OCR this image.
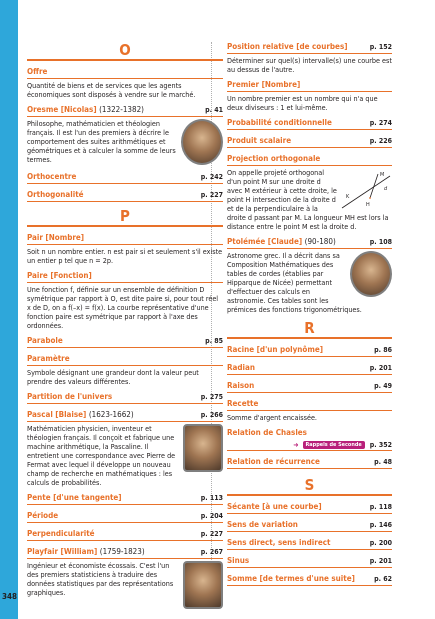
348
O
Offre
Quantité de biens et de services que les agents économiques sont disposés à vendre sur le marché.
Oresme [Nicolas] (1322-1382)	p. 41
Philosophe, mathématicien et théologien français. Il est l'un des premiers à décrire le comportement des suites arithmétiques et géométriques et à calculer la somme de leurs termes.
Orthocentre	p. 242
Orthogonalité	p. 227
P
Pair [Nombre]
Soit n un nombre entier. n est pair si et seulement s'il existe un entier p tel que n = 2p.
Paire [Fonction]
Une fonction f, définie sur un ensemble de définition D symétrique par rapport à O, est dite paire si, pour tout réel x de D, on a f(–x) = f(x). La courbe représentative d'une fonction paire est symétrique par rapport à l'axe des ordonnées.
Parabole	p. 85
Paramètre
Symbole désignant une grandeur dont la valeur peut prendre des valeurs différentes.
Partition de l'univers	p. 275
Pascal [Blaise] (1623-1662)	p. 266
Mathématicien physicien, inventeur et théologien français. Il conçoit et fabrique une machine arithmétique, la Pascaline. Il entretient une correspondance avec Pierre de Fermat avec lequel il développe un nouveau champ de recherche en mathématiques : les calculs de probabilités.
Pente [d'une tangente]	p. 113
Période	p. 204
Perpendicularité	p. 227
Playfair [William] (1759-1823)	p. 267
Ingénieur et économiste écossais. C'est l'un des premiers statisticiens à traduire des données statistiques par des représentations graphiques.
Position relative [de courbes]	p. 152
Déterminer sur quel(s) intervalle(s) une courbe est au dessus de l'autre.
Premier [Nombre]
Un nombre premier est un nombre qui n'a que deux diviseurs : 1 et lui-même.
Probabilité conditionnelle	p. 274
Produit scalaire	p. 226
Projection orthogonale
M
K
H
d
On appelle projeté orthogonal d'un point M sur une droite d avec M extérieur à cette droite, le point H intersection de la droite d et de la perpendiculaire à la droite d passant par M. La longueur MH est lors la distance entre le point M est la droite d.
Ptolémée [Claude] (90-180)	p. 108
Astronome grec. Il a décrit dans sa Composition Mathématiques des tables de cordes (établies par Hipparque de Nicée) permettant d'effectuer des calculs en astronomie. Ces tables sont les prémices des fonctions trigonométriques.
R
Racine [d'un polynôme]	p. 86
Radian	p. 201
Raison	p. 49
Recette
Somme d'argent encaissée.
Relation de Chasles
➜ Rappels de Seconde p. 352
Relation de récurrence	p. 48
S
Sécante [à une courbe]	p. 118
Sens de variation	p. 146
Sens direct, sens indirect	p. 200
Sinus	p. 201
Somme [de termes d'une suite]	p. 62
